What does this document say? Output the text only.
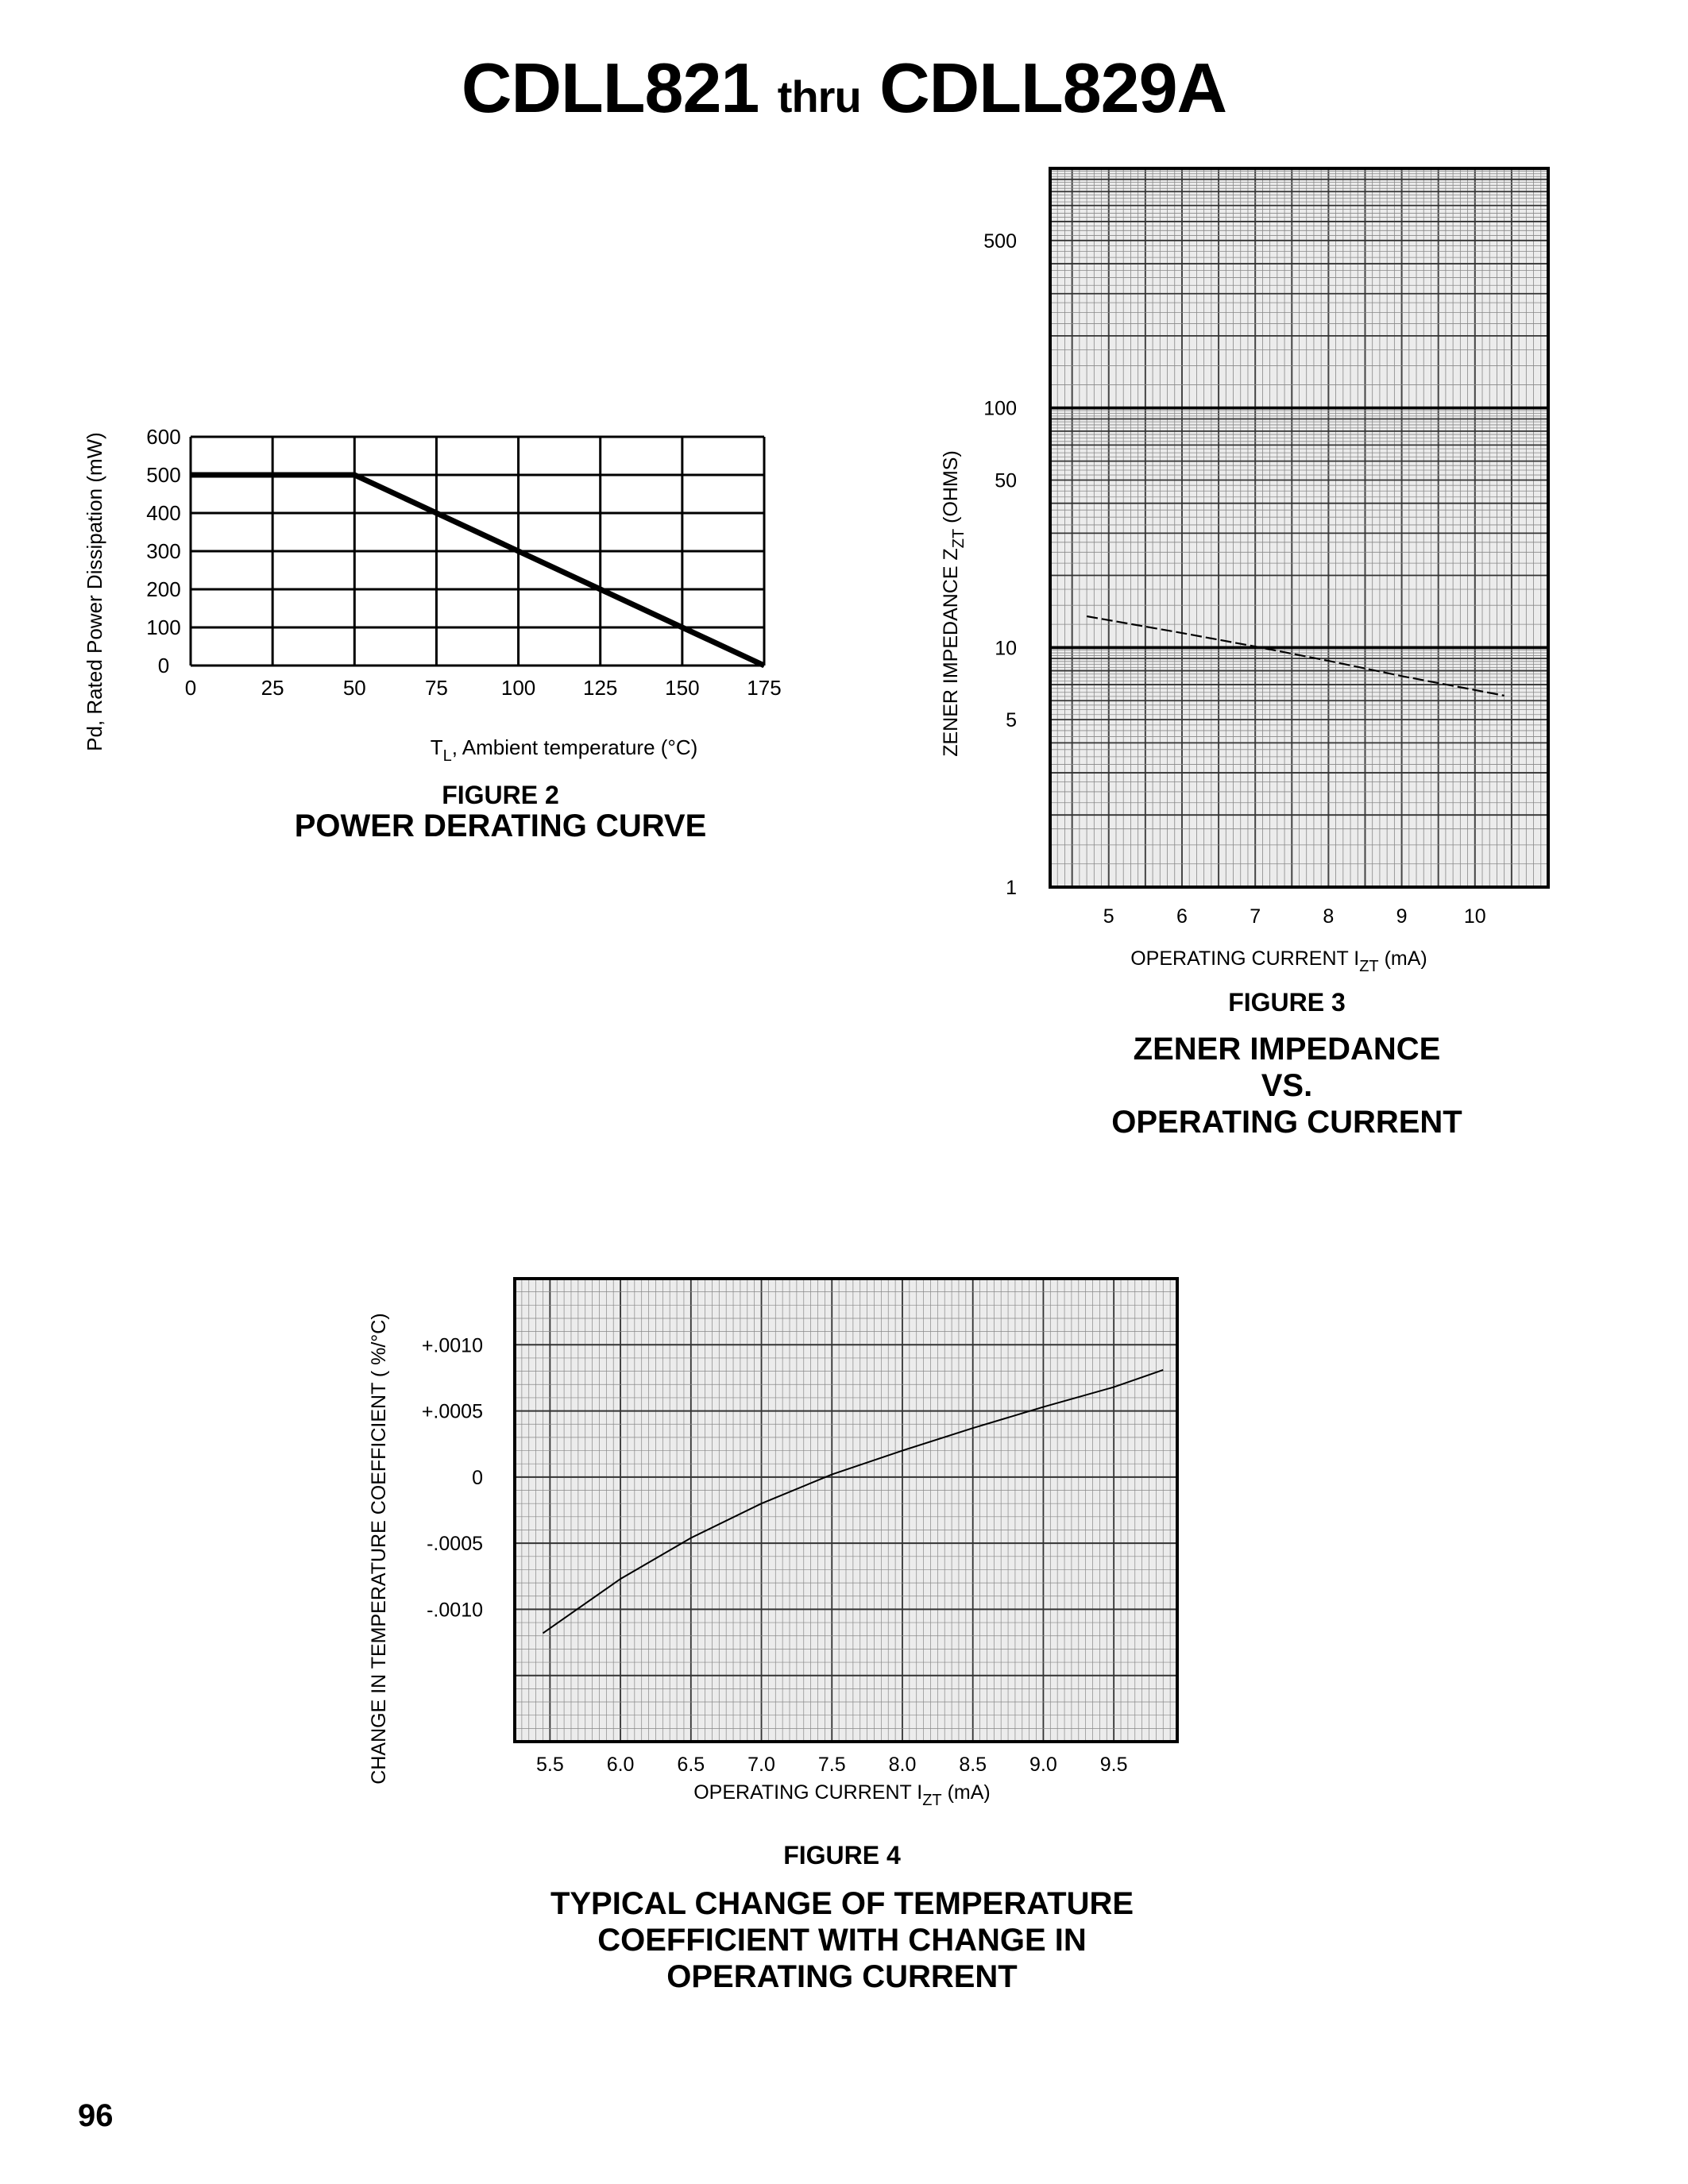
CDLL821 thru CDLL829A
0	25	50	75	100 125 150 175
0
100
200
300
400
500
600
Pd, Rated Power Dissipation (mW)	$T_L$, Ambient temperature (°C)
FIGURE 2
POWER DERATING CURVE
5	6	7	8	9	10
1
5
10
50
100
500
ZENER IMPEDANCE $Z_{ZT}$ (OHMS)
OPERATING CURRENT $I_{ZT}$ (mA)
FIGURE 3
ZENER IMPEDANCE
VS.
OPERATING CURRENT
5.5 6.0 6.5 7.0 7.5 8.0 8.5 9.0 9.5
+.0010
+.0005
0
-.0005
-.0010
CHANGE IN TEMPERATURE COEFFICIENT ( %/°C)
OPERATING CURRENT $I_{ZT}$ (mA)
FIGURE 4
TYPICAL CHANGE OF TEMPERATURE
COEFFICIENT WITH CHANGE IN
OPERATING CURRENT
96
